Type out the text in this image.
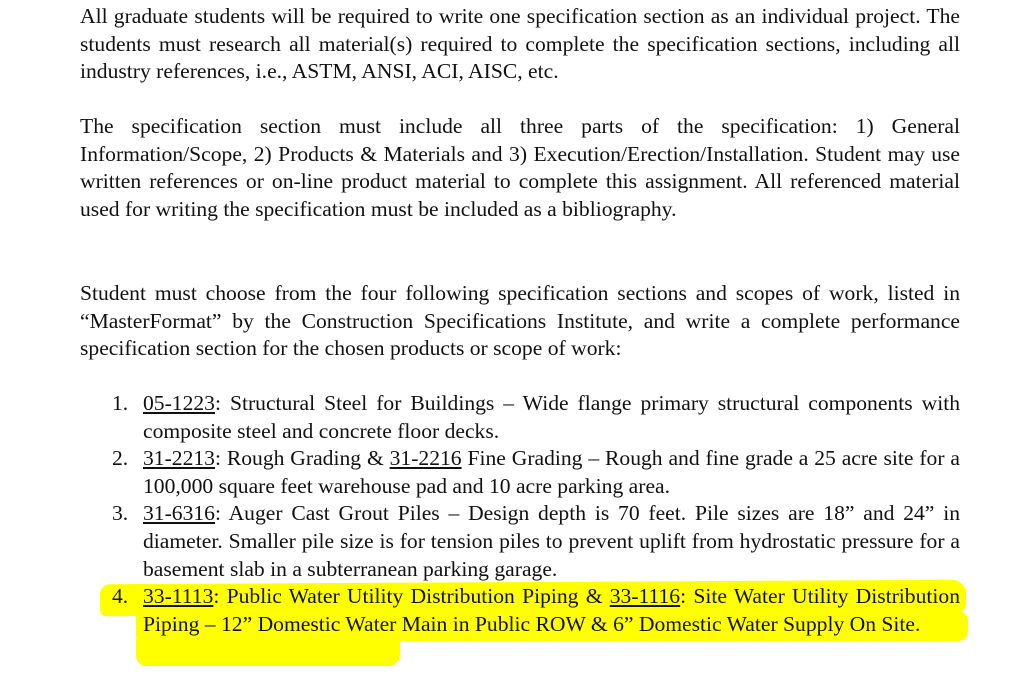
All graduate students will be required to write one specification section as an individual project. The students must research all material(s) required to complete the specification sections, including all industry references, i.e., ASTM, ANSI, ACI, AISC, etc.

The specification section must include all three parts of the specification: 1) General Information/Scope, 2) Products & Materials and 3) Execution/Erection/Installation. Student may use written references or on-line product material to complete this assignment. All referenced material used for writing the specification must be included as a bibliography.

Student must choose from the four following specification sections and scopes of work, listed in “MasterFormat” by the Construction Specifications Institute, and write a complete performance specification section for the chosen products or scope of work:

1. 05-1223: Structural Steel for Buildings – Wide flange primary structural components with composite steel and concrete floor decks.
2. 31-2213: Rough Grading & 31-2216 Fine Grading – Rough and fine grade a 25 acre site for a 100,000 square feet warehouse pad and 10 acre parking area.
3. 31-6316: Auger Cast Grout Piles – Design depth is 70 feet. Pile sizes are 18” and 24” in diameter. Smaller pile size is for tension piles to prevent uplift from hydrostatic pressure for a basement slab in a subterranean parking garage.
4. 33-1113: Public Water Utility Distribution Piping & 33-1116: Site Water Utility Distribution Piping – 12” Domestic Water Main in Public ROW & 6” Domestic Water Supply On Site.
